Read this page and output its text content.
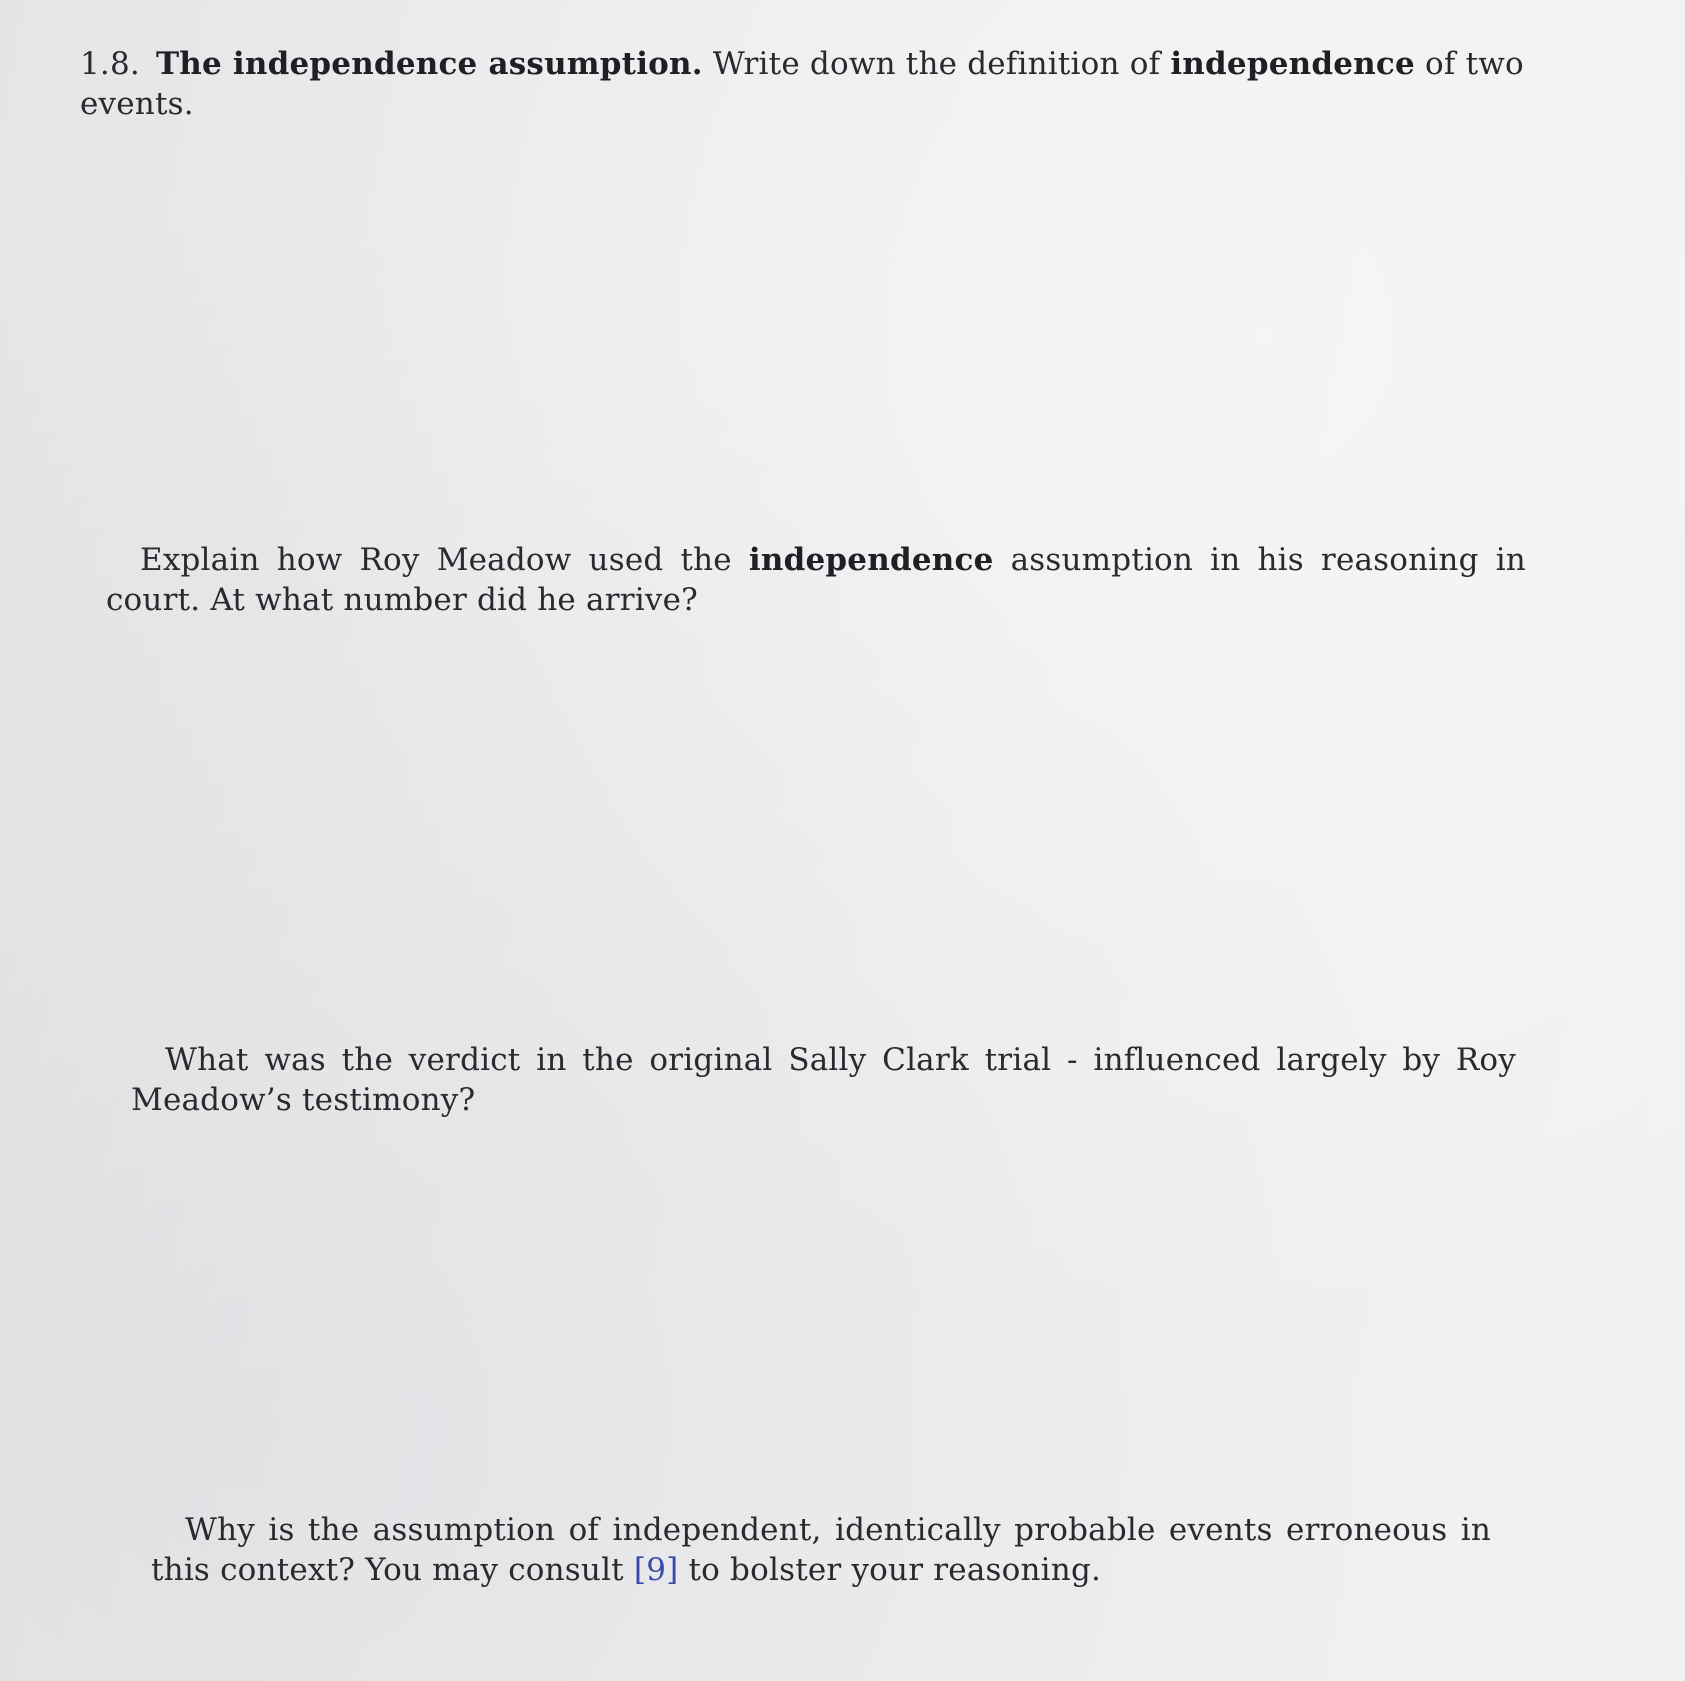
1.8. The independence assumption. Write down the definition of independence of two events.

Explain how Roy Meadow used the independence assumption in his reasoning in court. At what number did he arrive?

What was the verdict in the original Sally Clark trial - influenced largely by Roy Meadow’s testimony?

Why is the assumption of independent, identically probable events erroneous in this context? You may consult [9] to bolster your reasoning.
